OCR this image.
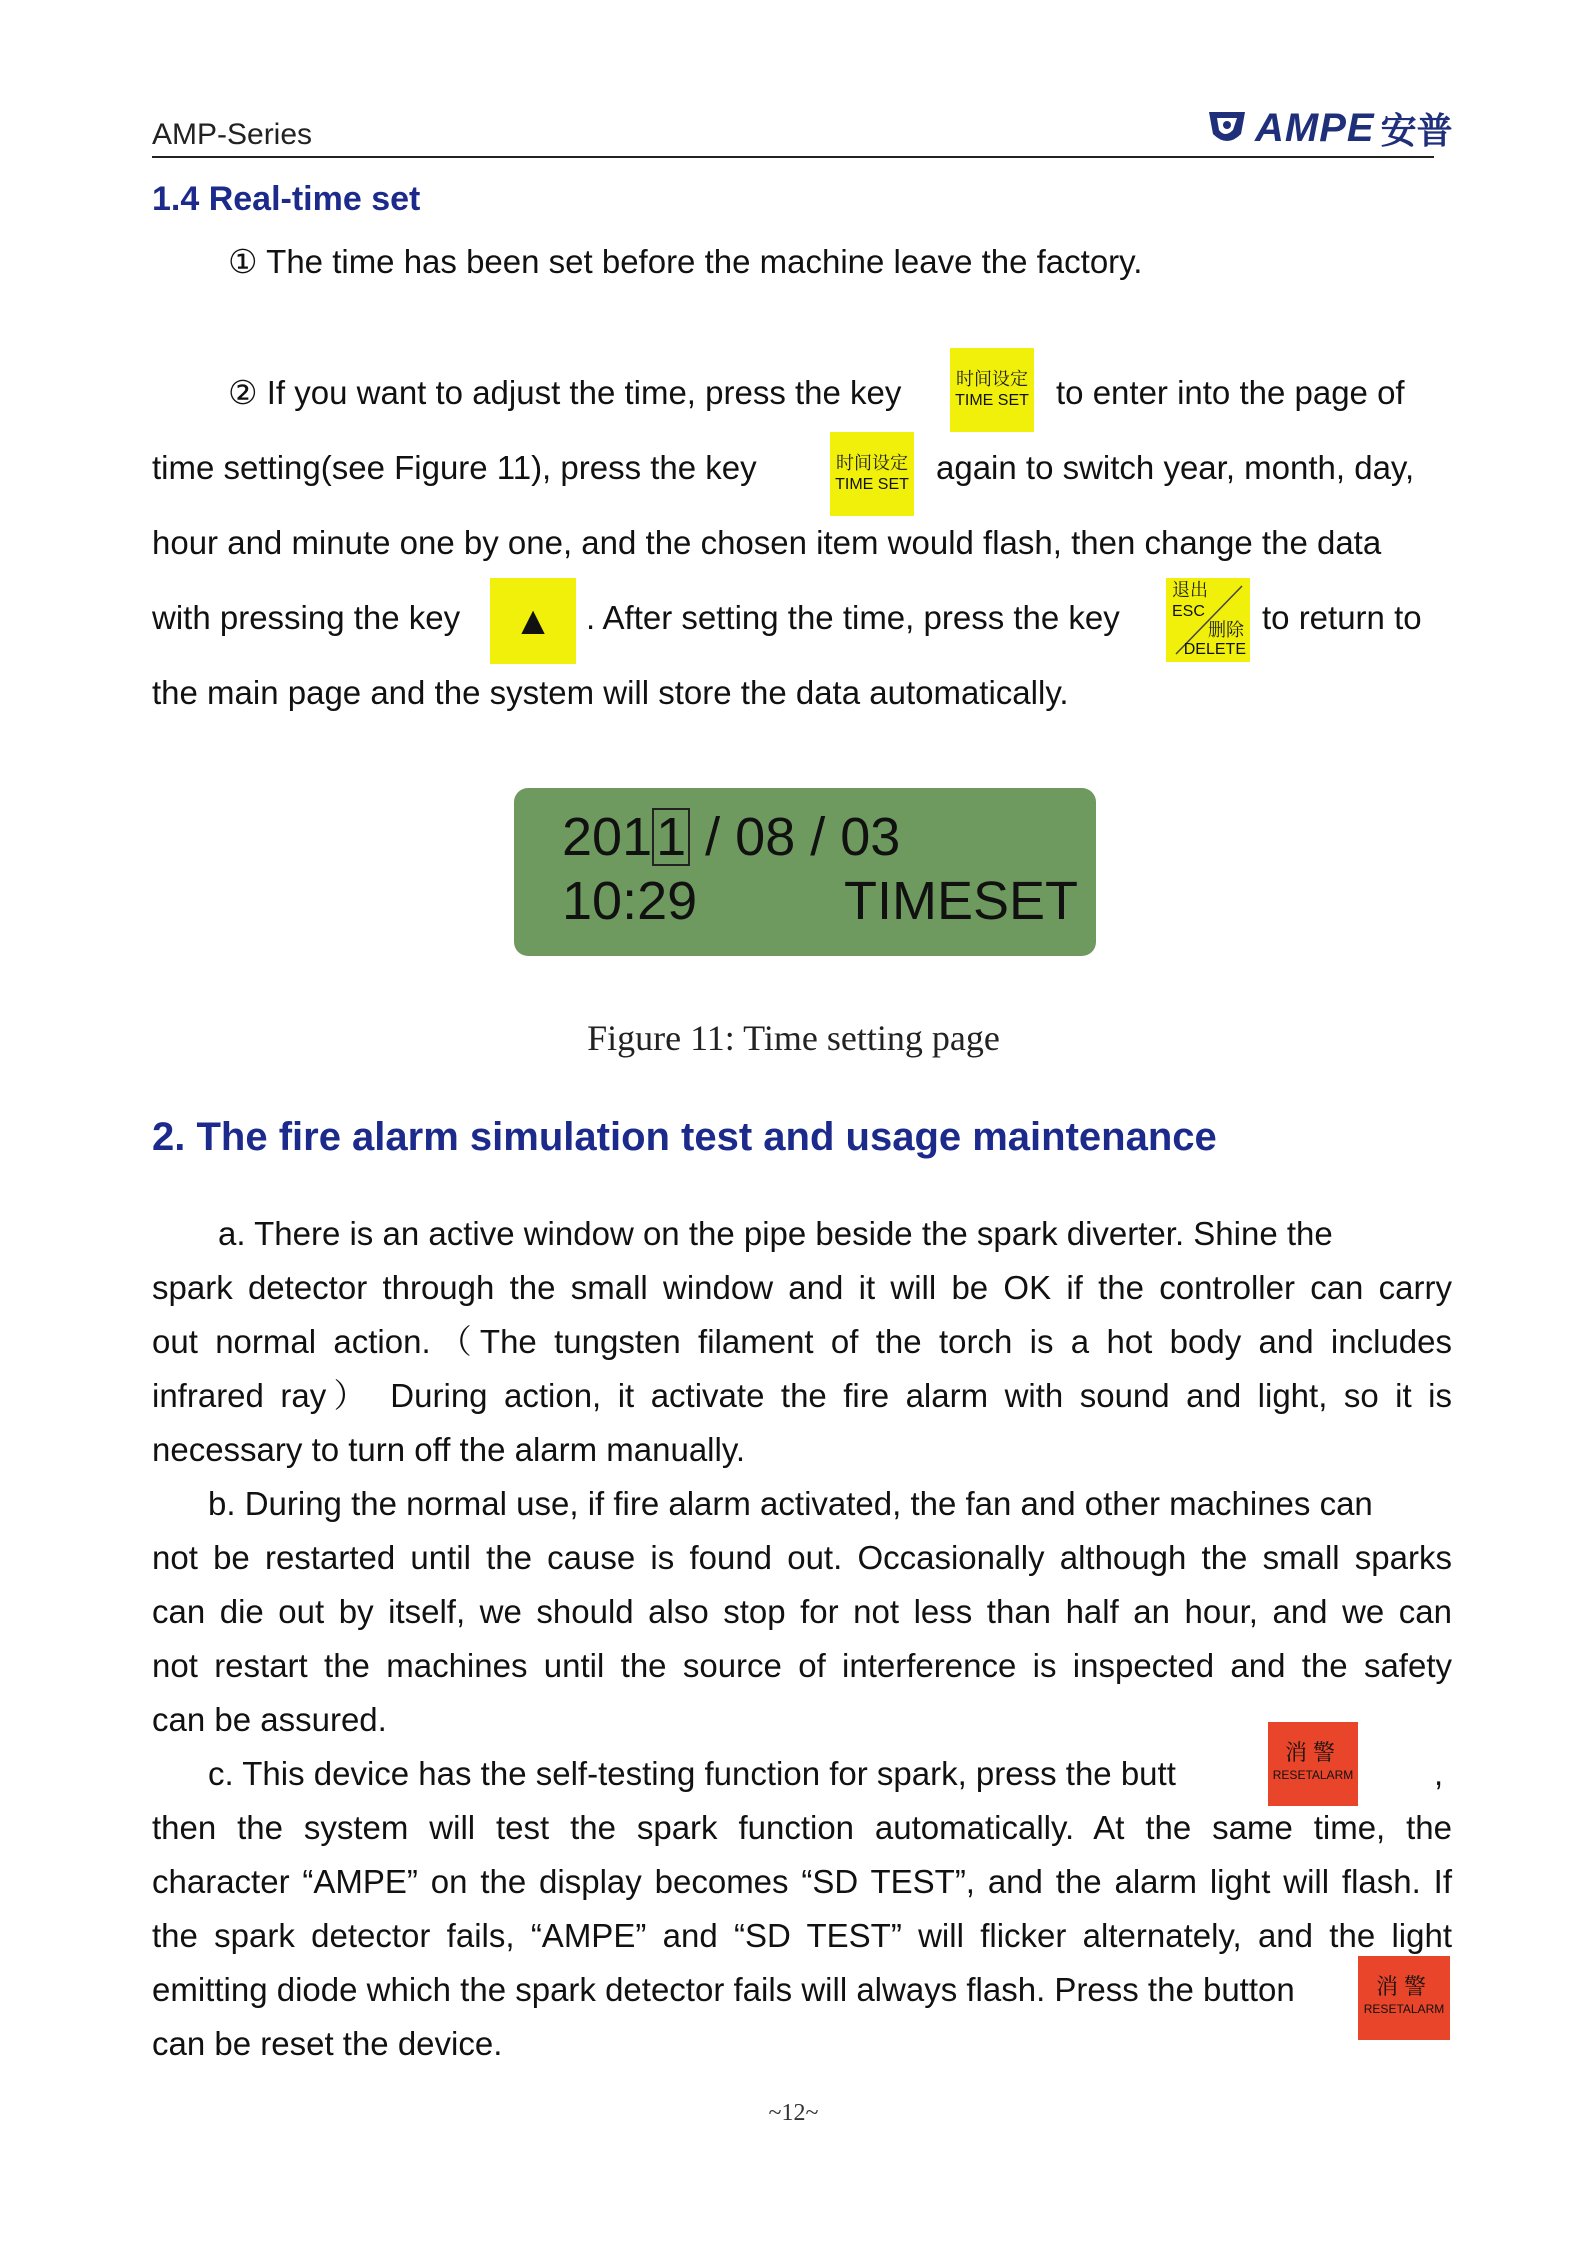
AMP-Series	AMPE 安普
1.4 Real-time set
① The time has been set before the machine leave the factory.
② If you want to adjust the time, press the key	时间设定
TIME SET to enter into the page of
time setting(see Figure 11), press the key	时间设定
TIME SET again to switch year, month, day,
hour and minute one by one, and the chosen item would flash, then change the data
with pressing the key	▲ . After setting the time, press the key
退出
ESC
删除
DELETE
to return to
the main page and the system will store the data automatically.
2011 / 08 / 03
10:29	TIMESET
Figure 11: Time setting page
2. The fire alarm simulation test and usage maintenance
a. There is an active window on the pipe beside the spark diverter. Shine the
spark detector through the small window and it will be OK if the controller can carry
out normal action.（The tungsten filament of the torch is a hot body and includes
infrared ray） During action, it activate the fire alarm with sound and light, so it is
necessary to turn off the alarm manually.
b. During the normal use, if fire alarm activated, the fan and other machines can
not be restarted until the cause is found out. Occasionally although the small sparks
can die out by itself, we should also stop for not less than half an hour, and we can
not restart the machines until the source of interference is inspected and the safety
can be assured.
c. This device has the self-testing function for spark, press the butt
消警
RESETALARM ,
then the system will test the spark function automatically. At the same time, the
character “AMPE” on the display becomes “SD TEST”, and the alarm light will flash. If
the spark detector fails, “AMPE” and “SD TEST” will flicker alternately, and the light
emitting diode which the spark detector fails will always flash. Press the button	消警
RESETALARM
can be reset the device.
~12~
